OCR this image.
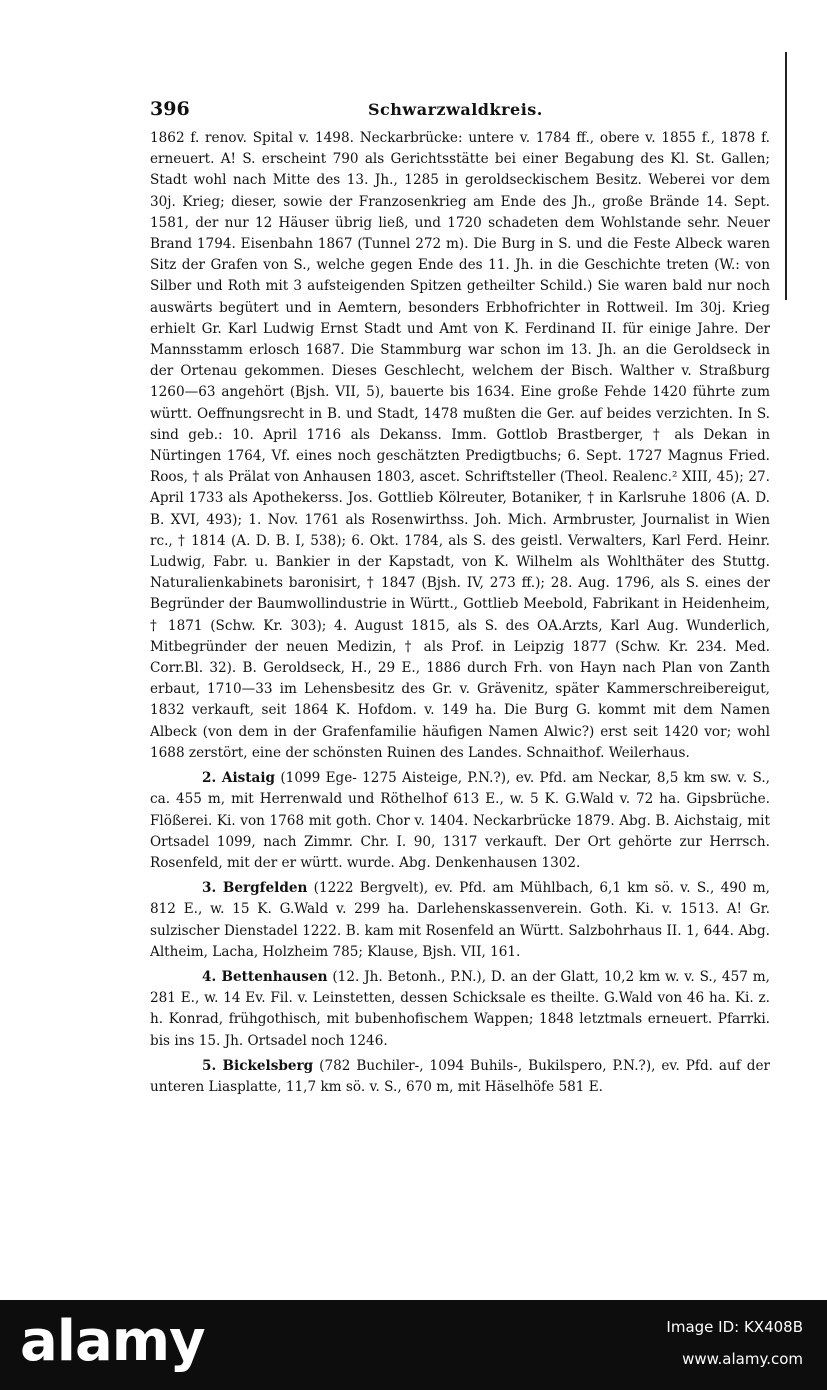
396	Schwarzwaldkreis.

1862 f. renov. Spital v. 1498. Neckarbrücke: untere v. 1784 ff., obere v. 1855 f., 1878 f. erneuert. A! S. erscheint 790 als Gerichtsstätte bei einer Begabung des Kl. St. Gallen; Stadt wohl nach Mitte des 13. Jh., 1285 in geroldseckischem Besitz. Weberei vor dem 30j. Krieg; dieser, sowie der Franzosenkrieg am Ende des Jh., große Brände 14. Sept. 1581, der nur 12 Häuser übrig ließ, und 1720 schadeten dem Wohlstande sehr. Neuer Brand 1794. Eisenbahn 1867 (Tunnel 272 m). Die Burg in S. und die Feste Albeck waren Sitz der Grafen von S., welche gegen Ende des 11. Jh. in die Geschichte treten (W.: von Silber und Roth mit 3 aufsteigenden Spitzen getheilter Schild.) Sie waren bald nur noch auswärts begütert und in Aemtern, besonders Erbhofrichter in Rottweil. Im 30j. Krieg erhielt Gr. Karl Ludwig Ernst Stadt und Amt von K. Ferdinand II. für einige Jahre. Der Mannsstamm erlosch 1687. Die Stammburg war schon im 13. Jh. an die Geroldseck in der Ortenau gekommen. Dieses Geschlecht, welchem der Bisch. Walther v. Straßburg 1260—63 angehört (Bjsh. VII, 5), bauerte bis 1634. Eine große Fehde 1420 führte zum württ. Oeffnungsrecht in B. und Stadt, 1478 mußten die Ger. auf beides verzichten. In S. sind geb.: 10. April 1716 als Dekanss. Imm. Gottlob Brastberger, † als Dekan in Nürtingen 1764, Vf. eines noch geschätzten Predigtbuchs; 6. Sept. 1727 Magnus Fried. Roos, † als Prälat von Anhausen 1803, ascet. Schriftsteller (Theol. Realenc.² XIII, 45); 27. April 1733 als Apothekerss. Jos. Gottlieb Kölreuter, Botaniker, † in Karlsruhe 1806 (A. D. B. XVI, 493); 1. Nov. 1761 als Rosenwirthss. Joh. Mich. Armbruster, Journalist in Wien rc., † 1814 (A. D. B. I, 538); 6. Okt. 1784, als S. des geistl. Verwalters, Karl Ferd. Heinr. Ludwig, Fabr. u. Bankier in der Kapstadt, von K. Wilhelm als Wohlthäter des Stuttg. Naturalienkabinets baronisirt, † 1847 (Bjsh. IV, 273 ff.); 28. Aug. 1796, als S. eines der Begründer der Baumwollindustrie in Württ., Gottlieb Meebold, Fabrikant in Heidenheim, † 1871 (Schw. Kr. 303); 4. August 1815, als S. des OA.Arzts, Karl Aug. Wunderlich, Mitbegründer der neuen Medizin, † als Prof. in Leipzig 1877 (Schw. Kr. 234. Med. Corr.Bl. 32). B. Geroldseck, H., 29 E., 1886 durch Frh. von Hayn nach Plan von Zanth erbaut, 1710—33 im Lehensbesitz des Gr. v. Grävenitz, später Kammerschreibereigut, 1832 verkauft, seit 1864 K. Hofdom. v. 149 ha. Die Burg G. kommt mit dem Namen Albeck (von dem in der Grafenfamilie häufigen Namen Alwic?) erst seit 1420 vor; wohl 1688 zerstört, eine der schönsten Ruinen des Landes. Schnaithof. Weilerhaus.

2. Aistaig (1099 Ege- 1275 Aisteige, P.N.?), ev. Pfd. am Neckar, 8,5 km sw. v. S., ca. 455 m, mit Herrenwald und Röthelhof 613 E., w. 5 K. G.Wald v. 72 ha. Gipsbrüche. Flößerei. Ki. von 1768 mit goth. Chor v. 1404. Neckarbrücke 1879. Abg. B. Aichstaig, mit Ortsadel 1099, nach Zimmr. Chr. I. 90, 1317 verkauft. Der Ort gehörte zur Herrsch. Rosenfeld, mit der er württ. wurde. Abg. Denkenhausen 1302.

3. Bergfelden (1222 Bergvelt), ev. Pfd. am Mühlbach, 6,1 km sö. v. S., 490 m, 812 E., w. 15 K. G.Wald v. 299 ha. Darlehenskassenverein. Goth. Ki. v. 1513. A! Gr. sulzischer Dienstadel 1222. B. kam mit Rosenfeld an Württ. Salzbohrhaus II. 1, 644. Abg. Altheim, Lacha, Holzheim 785; Klause, Bjsh. VII, 161.

4. Bettenhausen (12. Jh. Betonh., P.N.), D. an der Glatt, 10,2 km w. v. S., 457 m, 281 E., w. 14 Ev. Fil. v. Leinstetten, dessen Schicksale es theilte. G.Wald von 46 ha. Ki. z. h. Konrad, frühgothisch, mit bubenhofischem Wappen; 1848 letztmals erneuert. Pfarrki. bis ins 15. Jh. Ortsadel noch 1246.

5. Bickelsberg (782 Buchiler-, 1094 Buhils-, Bukilspero, P.N.?), ev. Pfd. auf der unteren Liasplatte, 11,7 km sö. v. S., 670 m, mit Häselhöfe 581 E.

alamy	Image ID: KX408B
www.alamy.com
